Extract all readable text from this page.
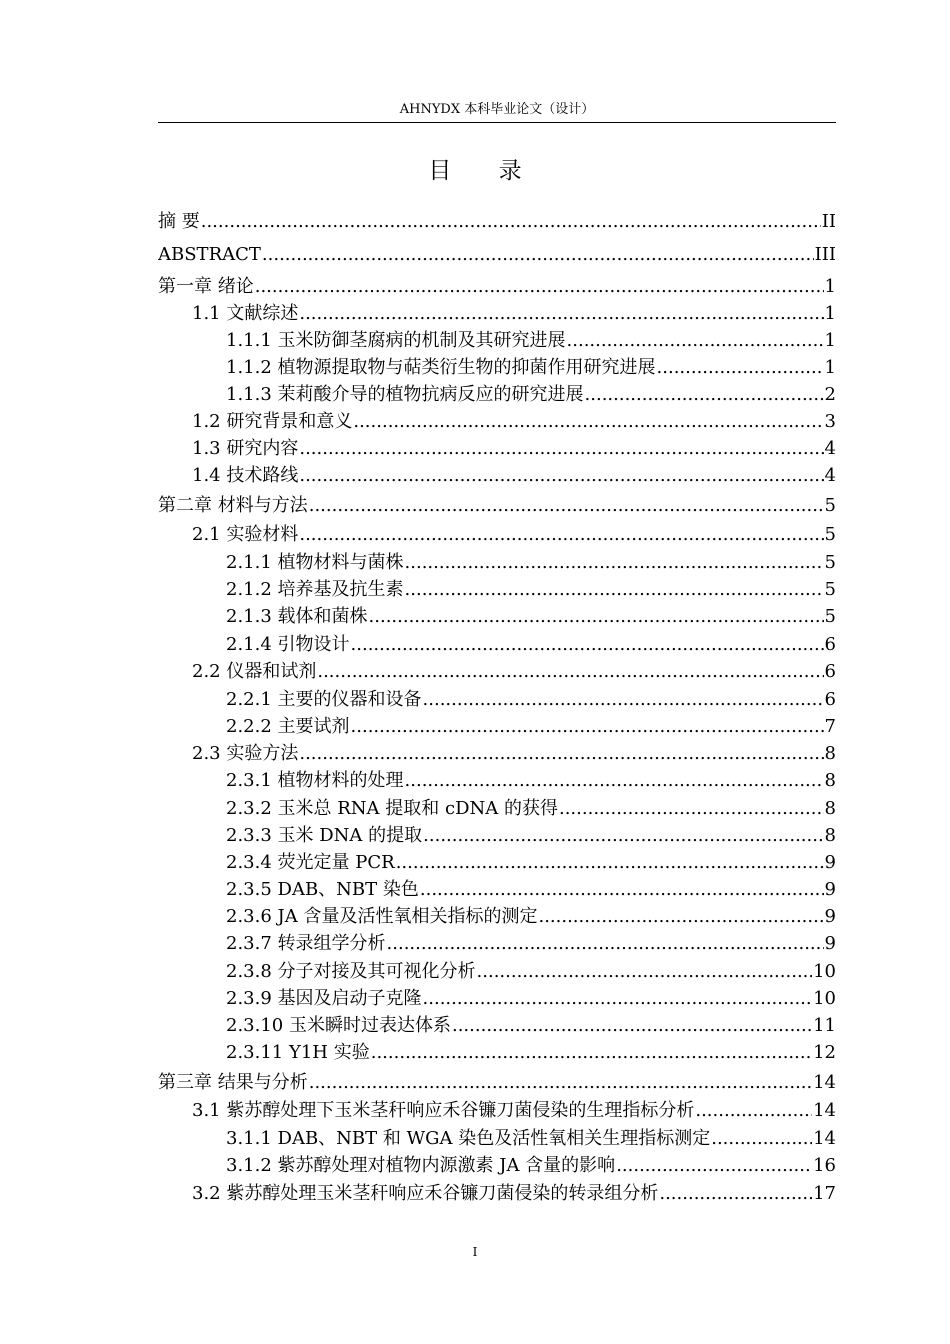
AHNYDX 本科毕业论文（设计）
目 录
摘 要 .....	II
ABSTRACT .....	III
第一章 绪论 .....	1
1.1 文献综述 .....	1
1.1.1 玉米防御茎腐病的机制及其研究进展 .....	1
1.1.2 植物源提取物与萜类衍生物的抑菌作用研究进展 .....	1
1.1.3 茉莉酸介导的植物抗病反应的研究进展 .....	2
1.2 研究背景和意义 .....	3
1.3 研究内容 .....	4
1.4 技术路线 .....	4
第二章 材料与方法 .....	5
2.1 实验材料 .....	5
2.1.1 植物材料与菌株 .....	5
2.1.2 培养基及抗生素 .....	5
2.1.3 载体和菌株 .....	5
2.1.4 引物设计 .....	6
2.2 仪器和试剂 .....	6
2.2.1 主要的仪器和设备 .....	6
2.2.2 主要试剂 .....	7
2.3 实验方法 .....	8
2.3.1 植物材料的处理 .....	8
2.3.2 玉米总 RNA 提取和 cDNA 的获得 .....	8
2.3.3 玉米 DNA 的提取 .....	8
2.3.4 荧光定量 PCR .....	9
2.3.5 DAB、NBT 染色 .....	9
2.3.6 JA 含量及活性氧相关指标的测定 .....	9
2.3.7 转录组学分析 .....	9
2.3.8 分子对接及其可视化分析 .....	10
2.3.9 基因及启动子克隆 .....	10
2.3.10 玉米瞬时过表达体系 .....	11
2.3.11 Y1H 实验 .....	12
第三章 结果与分析 .....	14
3.1 紫苏醇处理下玉米茎秆响应禾谷镰刀菌侵染的生理指标分析 .....	14
3.1.1 DAB、NBT 和 WGA 染色及活性氧相关生理指标测定 .....	14
3.1.2 紫苏醇处理对植物内源激素 JA 含量的影响 .....	16
3.2 紫苏醇处理玉米茎秆响应禾谷镰刀菌侵染的转录组分析 .....	17
I
